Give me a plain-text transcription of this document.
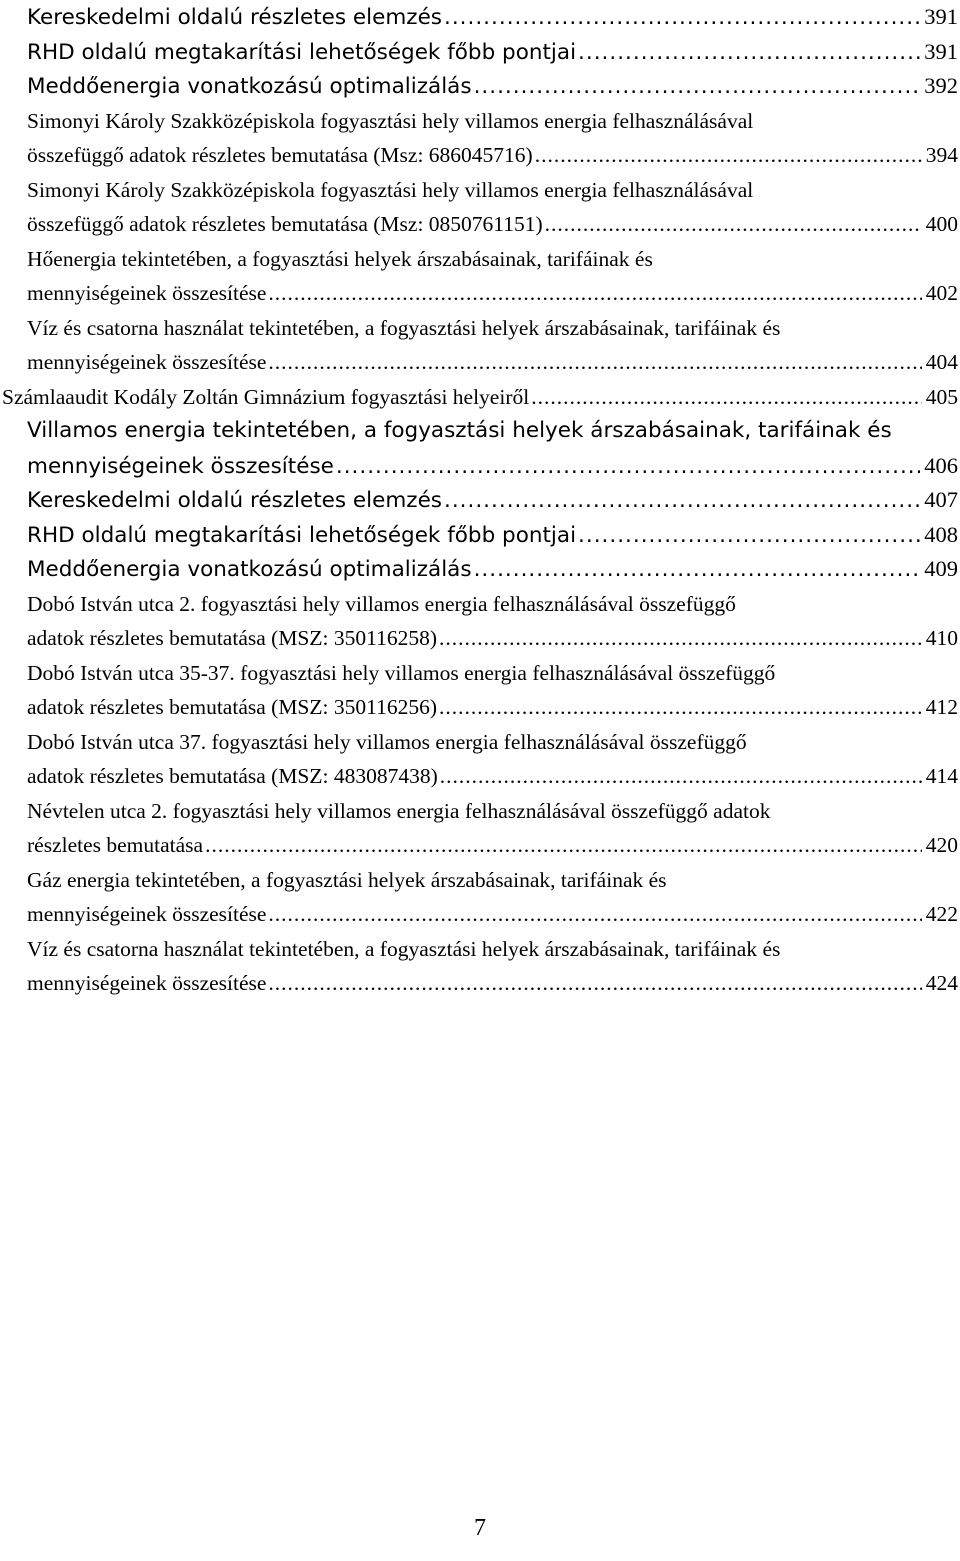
Kereskedelmi oldalú részletes elemzés .....	391
RHD oldalú megtakarítási lehetőségek főbb pontjai .....	391
Meddőenergia vonatkozású optimalizálás .....	392
Simonyi Károly Szakközépiskola fogyasztási hely villamos energia felhasználásával
összefüggő adatok részletes bemutatása (Msz: 686045716) .....	394
Simonyi Károly Szakközépiskola fogyasztási hely villamos energia felhasználásával
összefüggő adatok részletes bemutatása (Msz: 0850761151) .....	400
Hőenergia tekintetében, a fogyasztási helyek árszabásainak, tarifáinak és
mennyiségeinek összesítése .....	402
Víz és csatorna használat tekintetében, a fogyasztási helyek árszabásainak, tarifáinak és
mennyiségeinek összesítése .....	404
Számlaaudit Kodály Zoltán Gimnázium fogyasztási helyeiről .....	405
Villamos energia tekintetében, a fogyasztási helyek árszabásainak, tarifáinak és
mennyiségeinek összesítése .....	406
Kereskedelmi oldalú részletes elemzés .....	407
RHD oldalú megtakarítási lehetőségek főbb pontjai .....	408
Meddőenergia vonatkozású optimalizálás .....	409
Dobó István utca 2. fogyasztási hely villamos energia felhasználásával összefüggő
adatok részletes bemutatása (MSZ: 350116258) .....	410
Dobó István utca 35-37. fogyasztási hely villamos energia felhasználásával összefüggő
adatok részletes bemutatása (MSZ: 350116256) .....	412
Dobó István utca 37. fogyasztási hely villamos energia felhasználásával összefüggő
adatok részletes bemutatása (MSZ: 483087438) .....	414
Névtelen utca 2. fogyasztási hely villamos energia felhasználásával összefüggő adatok
részletes bemutatása .....	420
Gáz energia tekintetében, a fogyasztási helyek árszabásainak, tarifáinak és
mennyiségeinek összesítése .....	422
Víz és csatorna használat tekintetében, a fogyasztási helyek árszabásainak, tarifáinak és
mennyiségeinek összesítése .....	424
7
